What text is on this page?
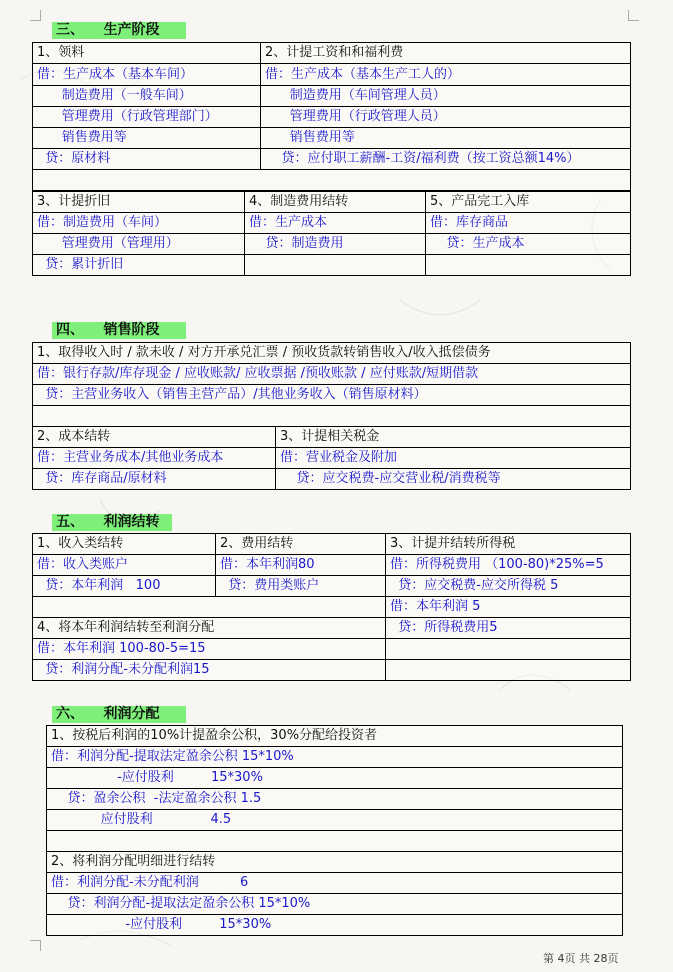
三、    生产阶段
1、领料	2、计提工资和和福利费
借：生产成本（基本车间）	借：生产成本（基本生产工人的）
制造费用（一般车间）	制造费用（车间管理人员）
管理费用（行政管理部门）	管理费用（行政管理人员）
销售费用等	销售费用等
贷：原材料	贷：应付职工薪酬-工资/福利费（按工资总额14%）

3、计提折旧	4、制造费用结转	5、产品完工入库
借：制造费用（车间）	借：生产成本	借：库存商品
管理费用（管理用）	贷：制造费用	贷：生产成本
贷：累计折旧		
四、    销售阶段
1、取得收入时 / 款未收 / 对方开承兑汇票 / 预收货款转销售收入/收入抵偿债务
借：银行存款/库存现金 / 应收账款/ 应收票据 /预收账款 / 应付账款/短期借款
贷：主营业务收入（销售主营产品）/其他业务收入（销售原材料）

2、成本结转	3、计提相关税金
借：主营业务成本/其他业务成本	借：营业税金及附加
贷：库存商品/原材料	贷：应交税费-应交营业税/消费税等
五、    利润结转
1、收入类结转	2、费用结转	3、计提并结转所得税
借：收入类账户	借：本年利润80	借：所得税费用 （100-80)*25%=5
贷：本年利润   100	贷：费用类账户	贷：应交税费-应交所得税 5
		借：本年利润 5
4、将本年利润结转至利润分配		贷：所得税费用5
借：本年利润 100-80-5=15		
贷：利润分配-未分配利润15		
六、    利润分配
1、按税后利润的10%计提盈余公积，30%分配给投资者
借：利润分配-提取法定盈余公积 15*10%
-应付股利         15*30%
贷：盈余公积  -法定盈余公积 1.5
应付股利              4.5

2、将利润分配明细进行结转
借：利润分配-未分配利润          6
贷：利润分配-提取法定盈余公积 15*10%
-应付股利         15*30%
第 4页 共 28页
